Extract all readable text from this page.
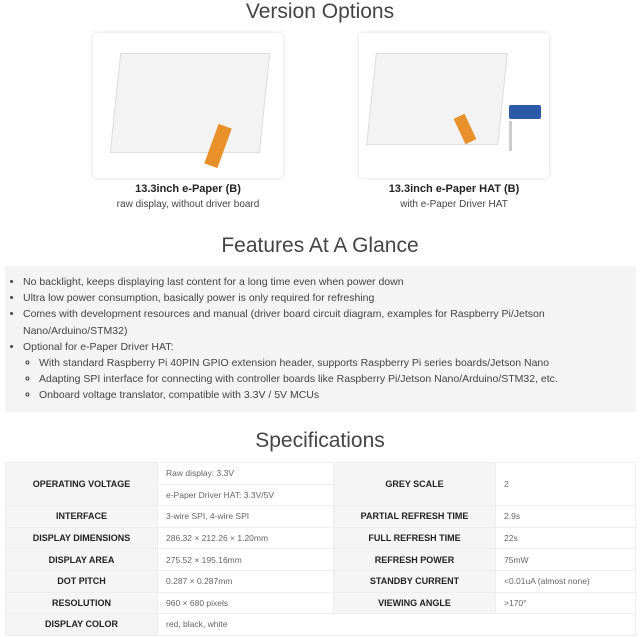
Version Options
13.3inch e-Paper (B)
raw display, without driver board
13.3inch e-Paper HAT (B)
with e-Paper Driver HAT
Features At A Glance
• No backlight, keeps displaying last content for a long time even when power down
• Ultra low power consumption, basically power is only required for refreshing
• Comes with development resources and manual (driver board circuit diagram, examples for Raspberry Pi/Jetson Nano/Arduino/STM32)
• Optional for e-Paper Driver HAT:
◦ With standard Raspberry Pi 40PIN GPIO extension header, supports Raspberry Pi series boards/Jetson Nano
◦ Adapting SPI interface for connecting with controller boards like Raspberry Pi/Jetson Nano/Arduino/STM32, etc.
◦ Onboard voltage translator, compatible with 3.3V / 5V MCUs
Specifications
OPERATING VOLTAGE	Raw display: 3.3V	GREY SCALE	2
	e-Paper Driver HAT: 3.3V/5V		
INTERFACE	3-wire SPI, 4-wire SPI	PARTIAL REFRESH TIME	2.9s
DISPLAY DIMENSIONS	286.32 × 212.26 × 1.20mm	FULL REFRESH TIME	22s
DISPLAY AREA	275.52 × 195.16mm	REFRESH POWER	75mW
DOT PITCH	0.287 × 0.287mm	STANDBY CURRENT	<0.01uA (almost none)
RESOLUTION	960 × 680 pixels	VIEWING ANGLE	>170°
DISPLAY COLOR	red, black, white		
